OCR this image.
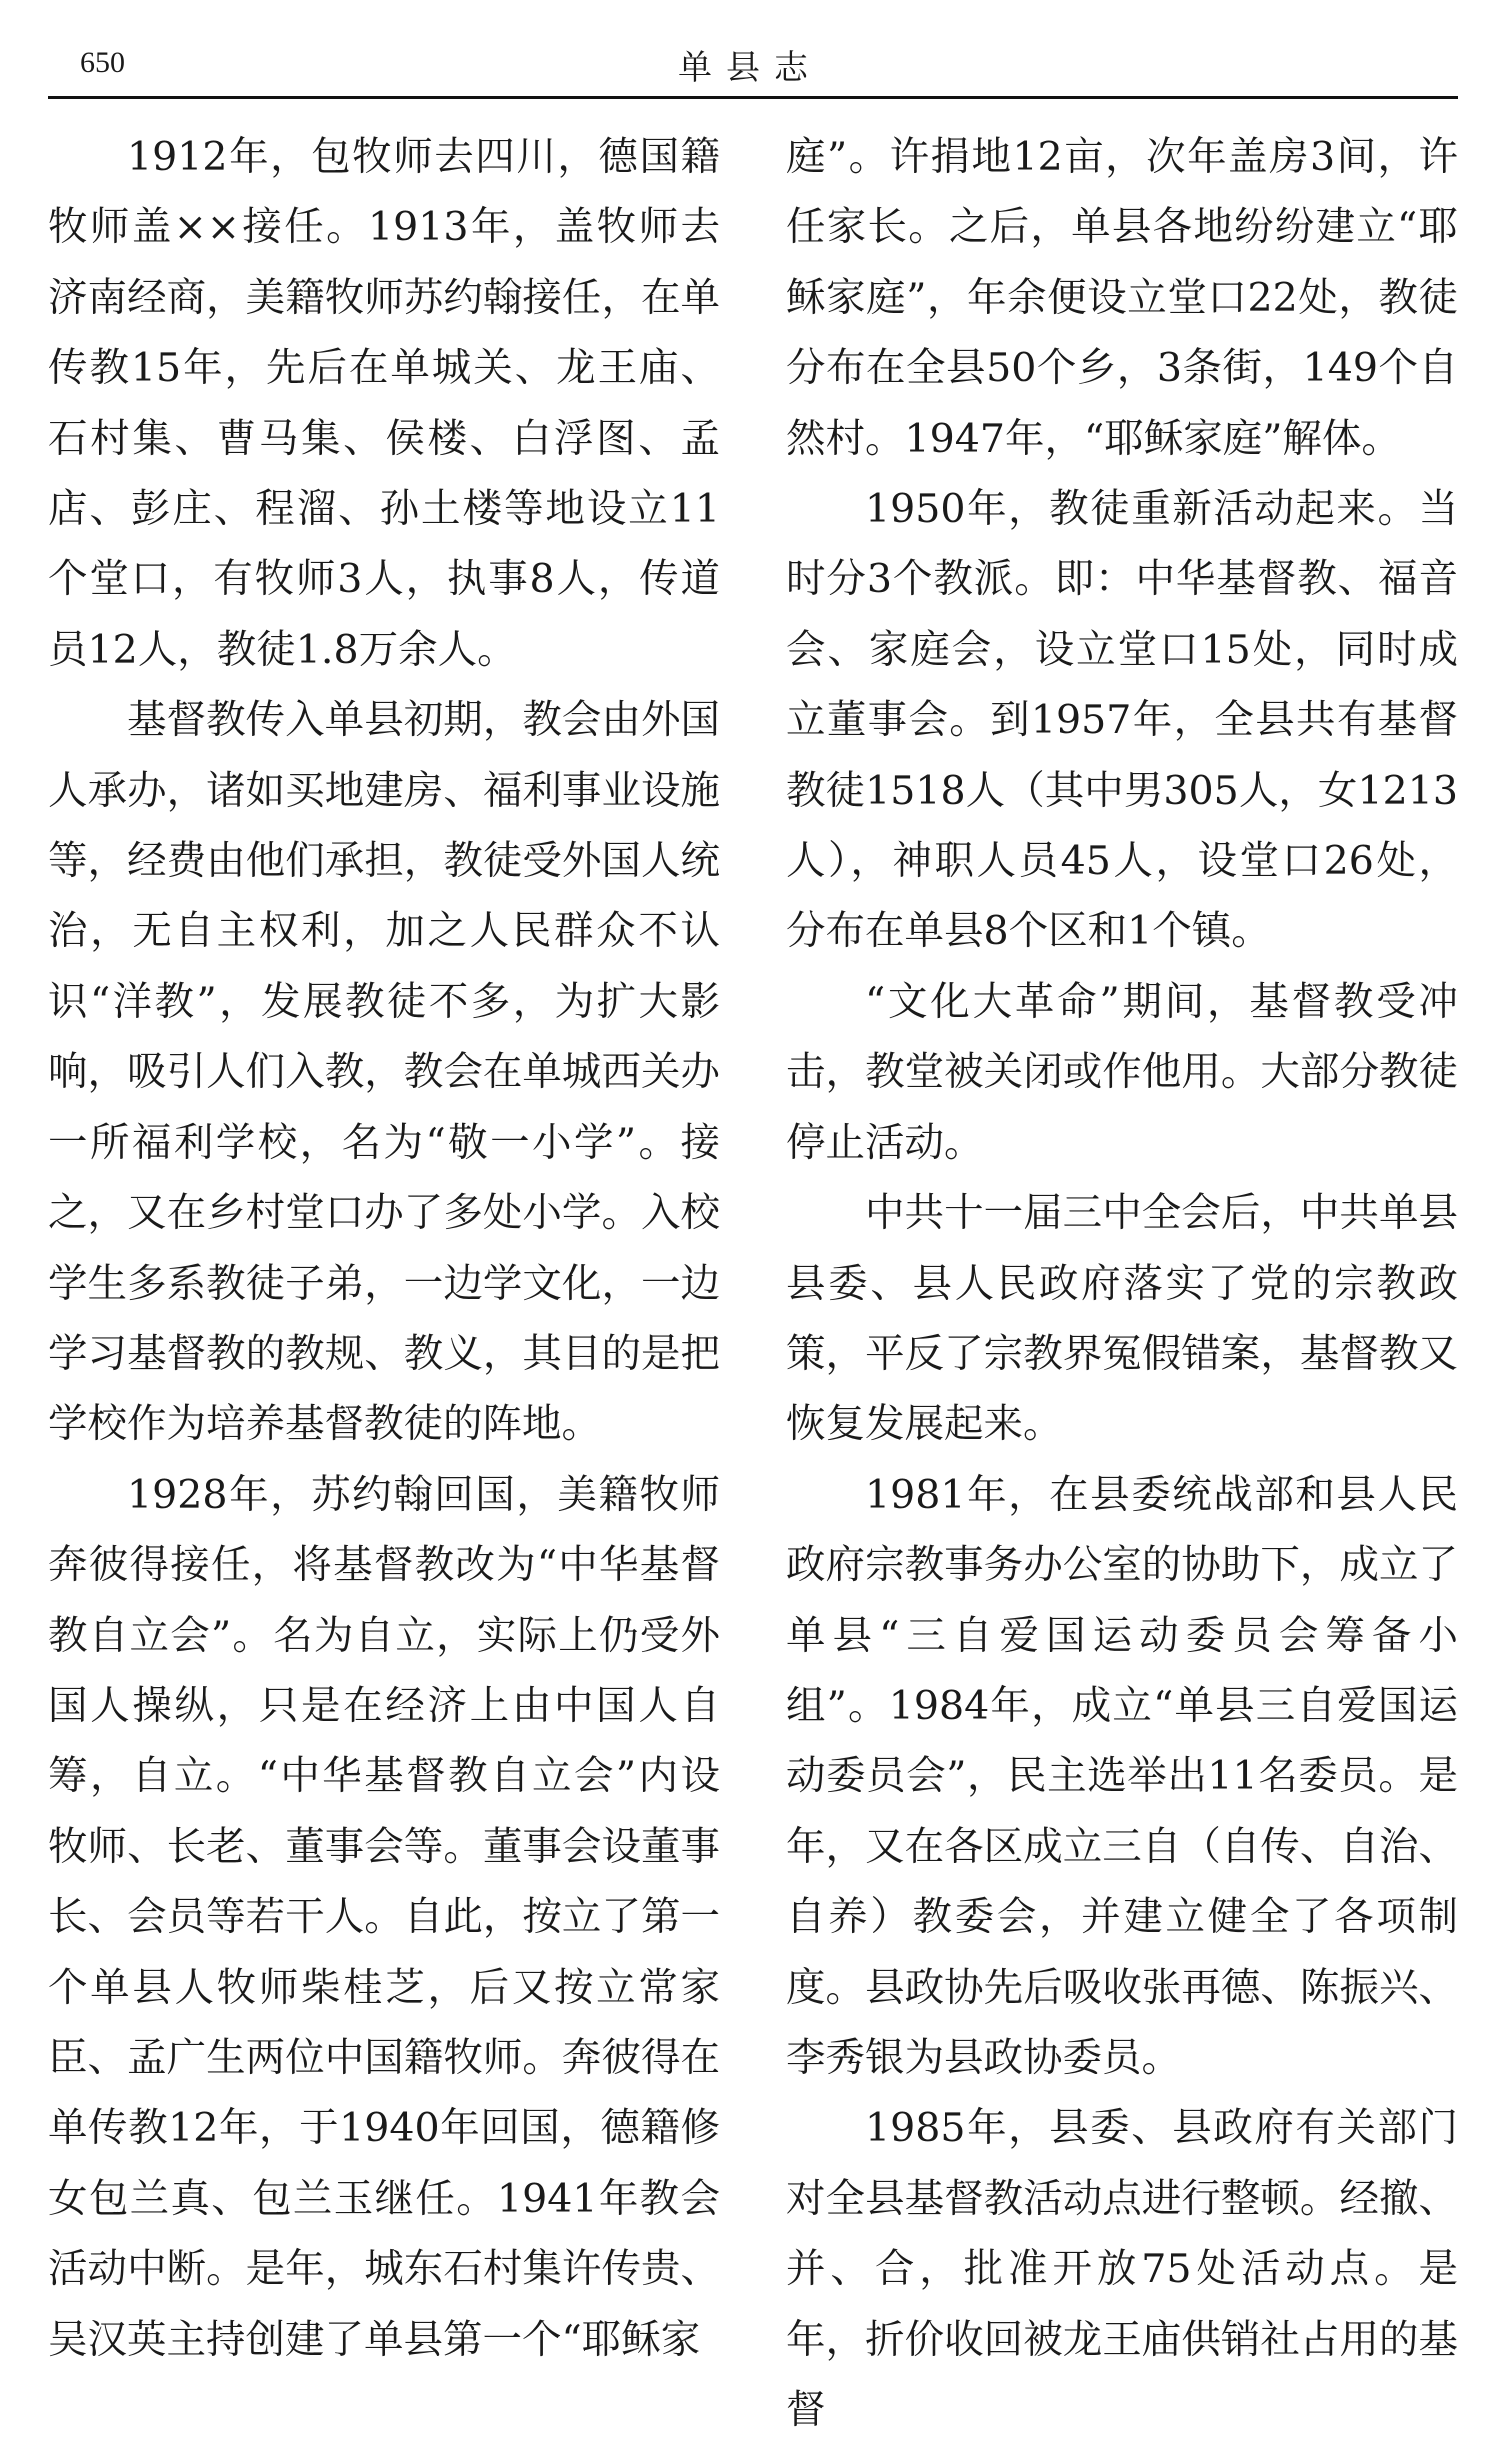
650	单县志

1912年，包牧师去四川，德国籍牧师盖××接任。1913年，盖牧师去济南经商，美籍牧师苏约翰接任，在单传教15年，先后在单城关、龙王庙、石村集、曹马集、侯楼、白浮图、孟店、彭庄、程溜、孙土楼等地设立11个堂口，有牧师3人，执事8人，传道员12人，教徒1.8万余人。

基督教传入单县初期，教会由外国人承办，诸如买地建房、福利事业设施等，经费由他们承担，教徒受外国人统治，无自主权利，加之人民群众不认识“洋教”，发展教徒不多，为扩大影响，吸引人们入教，教会在单城西关办一所福利学校，名为“敬一小学”。接之，又在乡村堂口办了多处小学。入校学生多系教徒子弟，一边学文化，一边学习基督教的教规、教义，其目的是把学校作为培养基督教徒的阵地。

1928年，苏约翰回国，美籍牧师奔彼得接任，将基督教改为“中华基督教自立会”。名为自立，实际上仍受外国人操纵，只是在经济上由中国人自筹，自立。“中华基督教自立会”内设牧师、长老、董事会等。董事会设董事长、会员等若干人。自此，按立了第一个单县人牧师柴桂芝，后又按立常家臣、孟广生两位中国籍牧师。奔彼得在单传教12年，于1940年回国，德籍修女包兰真、包兰玉继任。1941年教会活动中断。是年，城东石村集许传贵、吴汉英主持创建了单县第一个“耶稣家

庭”。许捐地12亩，次年盖房3间，许任家长。之后，单县各地纷纷建立“耶稣家庭”，年余便设立堂口22处，教徒分布在全县50个乡，3条街，149个自然村。1947年，“耶稣家庭”解体。

1950年，教徒重新活动起来。当时分3个教派。即：中华基督教、福音会、家庭会，设立堂口15处，同时成立董事会。到1957年，全县共有基督教徒1518人（其中男305人，女1213人），神职人员45人，设堂口26处，分布在单县8个区和1个镇。

“文化大革命”期间，基督教受冲击，教堂被关闭或作他用。大部分教徒停止活动。

中共十一届三中全会后，中共单县县委、县人民政府落实了党的宗教政策，平反了宗教界冤假错案，基督教又恢复发展起来。

1981年，在县委统战部和县人民政府宗教事务办公室的协助下，成立了单县“三自爱国运动委员会筹备小组”。1984年，成立“单县三自爱国运动委员会”，民主选举出11名委员。是年，又在各区成立三自（自传、自治、自养）教委会，并建立健全了各项制度。县政协先后吸收张再德、陈振兴、李秀银为县政协委员。

1985年，县委、县政府有关部门对全县基督教活动点进行整顿。经撤、并、合，批准开放75处活动点。是年，折价收回被龙王庙供销社占用的基督
